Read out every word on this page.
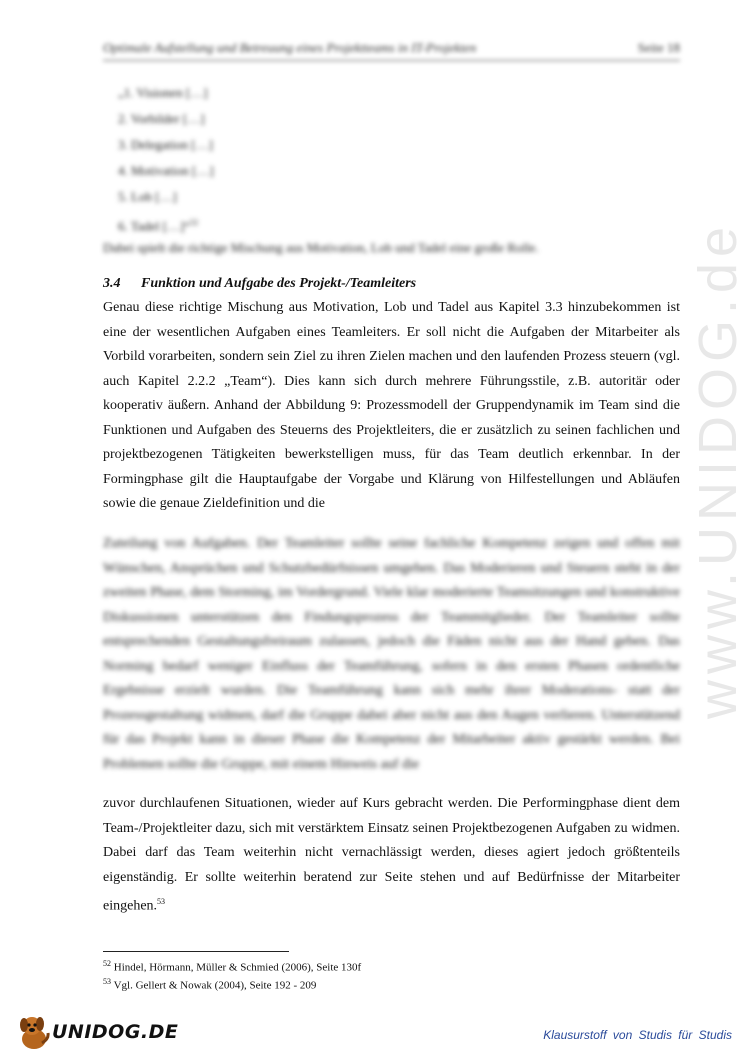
Optimale Aufstellung und Betreuung eines Projektteams in IT-Projekten	Seite 18
„1. Visionen […]
2. Vorbilder […]
3. Delegation […]
4. Motivation […]
5. Lob […]
6. Tadel […]“$^{52}$
Dabei spielt die richtige Mischung aus Motivation, Lob und Tadel eine große Rolle.
3.4 Funktion und Aufgabe des Projekt-/Teamleiters

Genau diese richtige Mischung aus Motivation, Lob und Tadel aus Kapitel 3.3 hinzubekommen ist eine der wesentlichen Aufgaben eines Teamleiters. Er soll nicht die Aufgaben der Mitarbeiter als Vorbild vorarbeiten, sondern sein Ziel zu ihren Zielen machen und den laufenden Prozess steuern (vgl. auch Kapitel 2.2.2 „Team“). Dies kann sich durch mehrere Führungsstile, z.B. autoritär oder kooperativ äußern. Anhand der Abbildung 9: Prozessmodell der Gruppendynamik im Team sind die Funktionen und Aufgaben des Steuerns des Projektleiters, die er zusätzlich zu seinen fachlichen und projektbezogenen Tätigkeiten bewerkstelligen muss, für das Team deutlich erkennbar. In der Formingphase gilt die Hauptaufgabe der Vorgabe und Klärung von Hilfestellungen und Abläufen sowie die genaue Zieldefinition und die

Zuteilung von Aufgaben. Der Teamleiter sollte seine fachliche Kompetenz zeigen und offen mit Wünschen, Ansprüchen und Schutzbedürfnissen umgehen. Das Moderieren und Steuern steht in der zweiten Phase, dem Storming, im Vordergrund. Viele klar moderierte Teamsitzungen und konstruktive Diskussionen unterstützen den Findungsprozess der Teammitglieder. Der Teamleiter sollte entsprechenden Gestaltungsfreiraum zulassen, jedoch die Fäden nicht aus der Hand geben. Das Norming bedarf weniger Einfluss der Teamführung, sofern in den ersten Phasen ordentliche Ergebnisse erzielt wurden. Die Teamführung kann sich mehr ihrer Moderations- statt der Prozessgestaltung widmen, darf die Gruppe dabei aber nicht aus den Augen verlieren. Unterstützend für das Projekt kann in dieser Phase die Kompetenz der Mitarbeiter aktiv gestärkt werden. Bei Problemen sollte die Gruppe, mit einem Hinweis auf die

zuvor durchlaufenen Situationen, wieder auf Kurs gebracht werden. Die Performingphase dient dem Team-/Projektleiter dazu, sich mit verstärktem Einsatz seinen Projektbezogenen Aufgaben zu widmen. Dabei darf das Team weiterhin nicht vernachlässigt werden, dieses agiert jedoch größtenteils eigenständig. Er sollte weiterhin beratend zur Seite stehen und auf Bedürfnisse der Mitarbeiter eingehen.$^{53}$

$^{52}$ Hindel, Hörmann, Müller & Schmied (2006), Seite 130f
$^{53}$ Vgl. Gellert & Nowak (2004), Seite 192 - 209
www.UNIDOG.de
UNIDOG.DE	Klausurstoff von Studis für Studis
